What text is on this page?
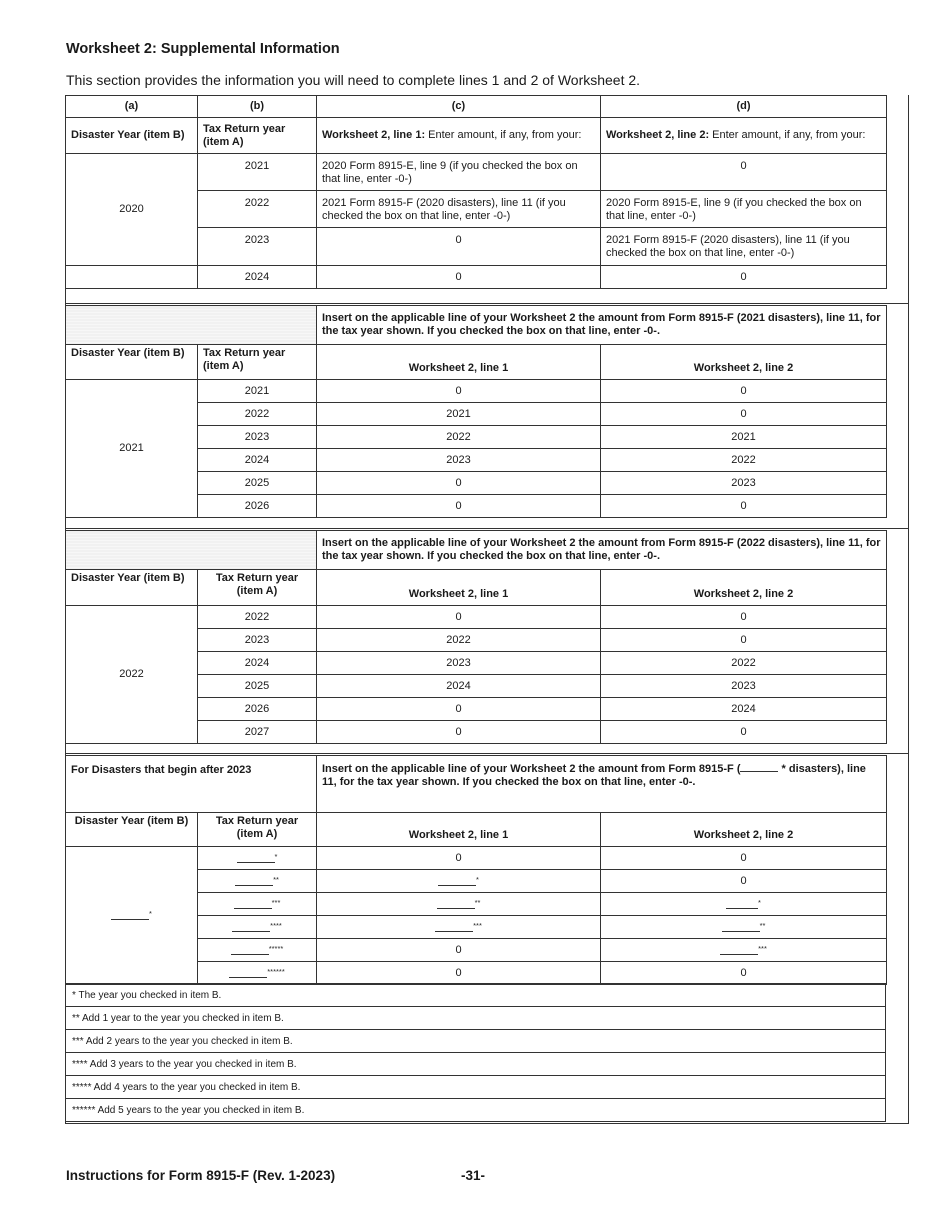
Worksheet 2: Supplemental Information

This section provides the information you will need to complete lines 1 and 2 of Worksheet 2.

(a)	(b)	(c)	(d)
Disaster Year (item B)	Tax Return year (item A)	Worksheet 2, line 1: Enter amount, if any, from your:	Worksheet 2, line 2: Enter amount, if any, from your:
2020	2021	2020 Form 8915-E, line 9 (if you checked the box on that line, enter -0-)	0
	2022	2021 Form 8915-F (2020 disasters), line 11 (if you checked the box on that line, enter -0-)	2020 Form 8915-E, line 9 (if you checked the box on that line, enter -0-)
	2023	0	2021 Form 8915-F (2020 disasters), line 11 (if you checked the box on that line, enter -0-)
	2024	0	0
		Insert on the applicable line of your Worksheet 2 the amount from Form 8915-F (2021 disasters), line 11, for the tax year shown. If you checked the box on that line, enter -0-.	
Disaster Year (item B)	Tax Return year (item A)	Worksheet 2, line 1	Worksheet 2, line 2
2021	2021	0	0
	2022	2021	0
	2023	2022	2021
	2024	2023	2022
	2025	0	2023
	2026	0	0
		Insert on the applicable line of your Worksheet 2 the amount from Form 8915-F (2022 disasters), line 11, for the tax year shown. If you checked the box on that line, enter -0-.	
Disaster Year (item B)	Tax Return year (item A)	Worksheet 2, line 1	Worksheet 2, line 2
2022	2022	0	0
	2023	2022	0
	2024	2023	2022
	2025	2024	2023
	2026	0	2024
	2027	0	0
For Disasters that begin after 2023		Insert on the applicable line of your Worksheet 2 the amount from Form 8915-F ( * disasters), line 11, for the tax year shown. If you checked the box on that line, enter -0-.	
Disaster Year (item B)	Tax Return year (item A)	Worksheet 2, line 1	Worksheet 2, line 2
*	*	0	0
	**	*	0
	***	**	*
	****	***	**
	*****	0	***
	******	0	0
* The year you checked in item B.
** Add 1 year to the year you checked in item B.
*** Add 2 years to the year you checked in item B.
**** Add 3 years to the year you checked in item B.
***** Add 4 years to the year you checked in item B.
****** Add 5 years to the year you checked in item B.

Instructions for Form 8915-F (Rev. 1-2023)	-31-
